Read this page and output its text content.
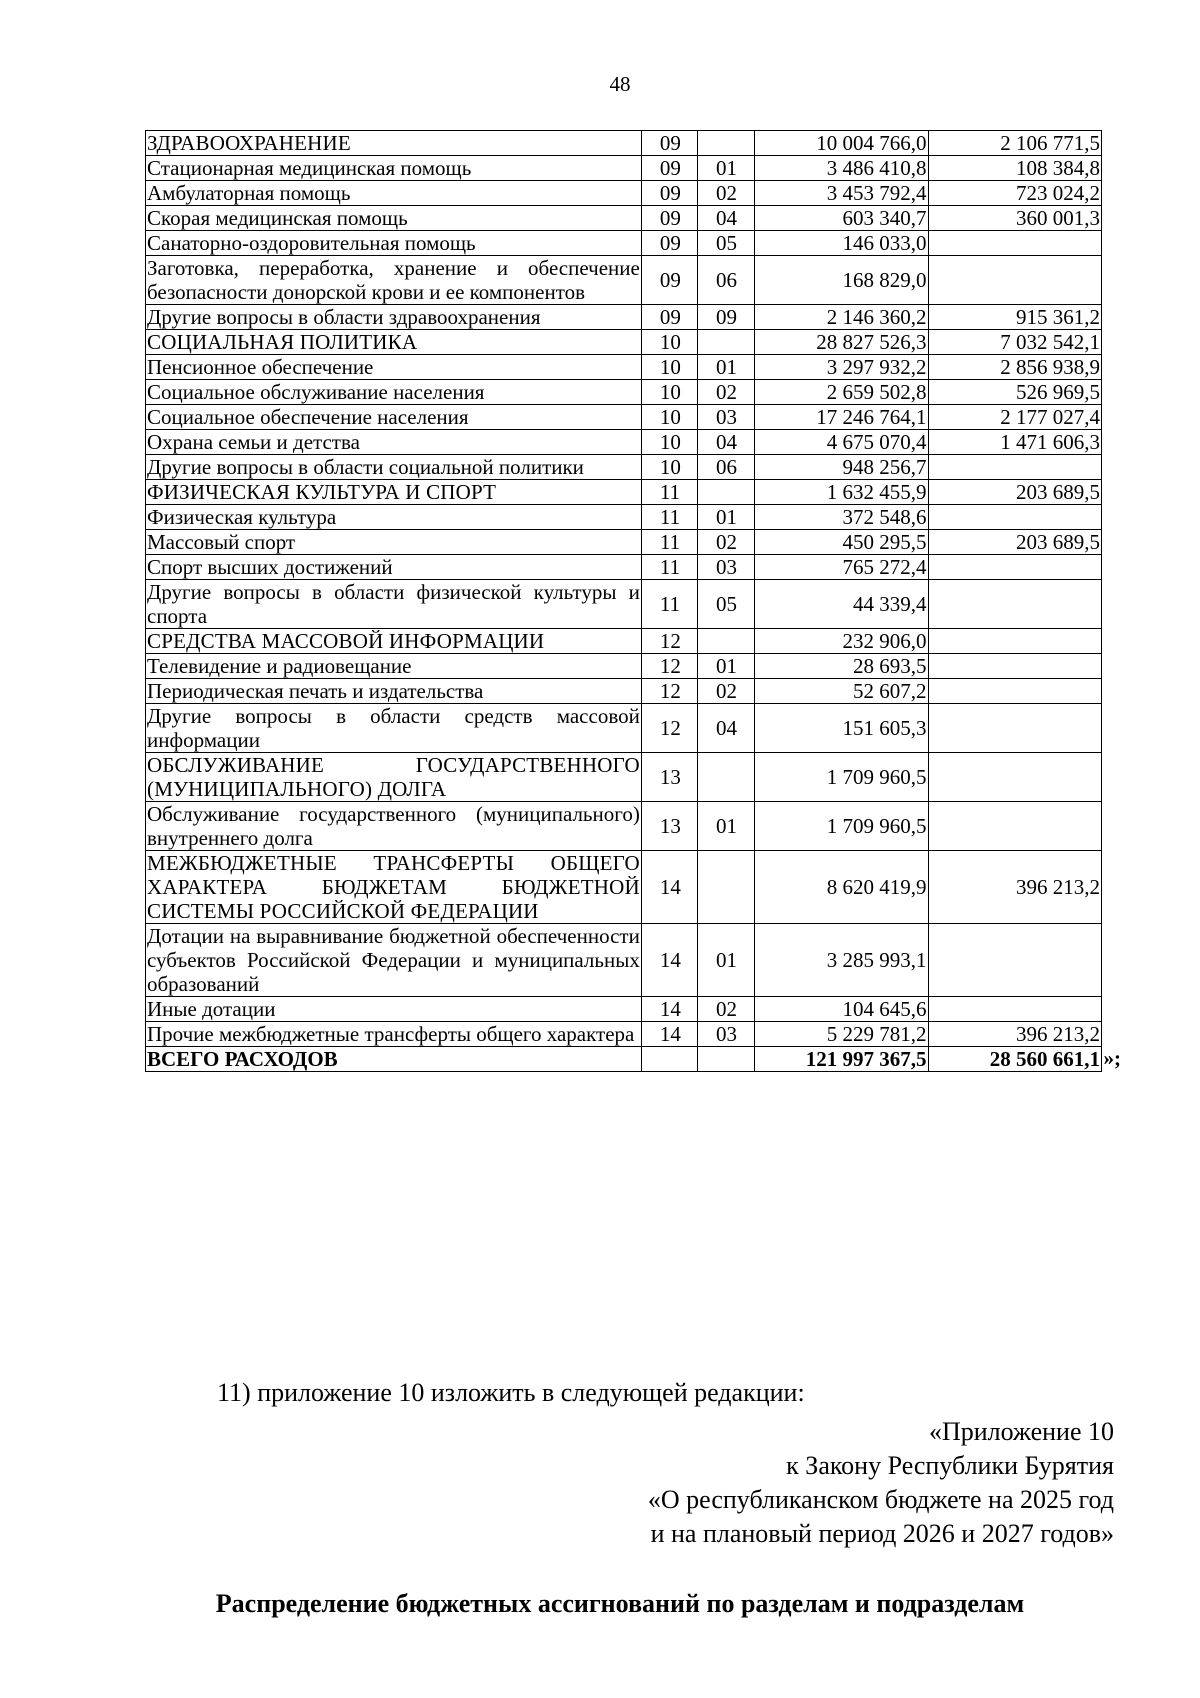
48
ЗДРАВООХРАНЕНИЕ	09		10 004 766,0	2 106 771,5
Стационарная медицинская помощь	09	01	3 486 410,8	108 384,8
Амбулаторная помощь	09	02	3 453 792,4	723 024,2
Скорая медицинская помощь	09	04	603 340,7	360 001,3
Санаторно-оздоровительная помощь	09	05	146 033,0	
Заготовка, переработка, хранение и обеспечение безопасности донорской крови и ее компонентов	09	06	168 829,0	
Другие вопросы в области здравоохранения	09	09	2 146 360,2	915 361,2
СОЦИАЛЬНАЯ ПОЛИТИКА	10		28 827 526,3	7 032 542,1
Пенсионное обеспечение	10	01	3 297 932,2	2 856 938,9
Социальное обслуживание населения	10	02	2 659 502,8	526 969,5
Социальное обеспечение населения	10	03	17 246 764,1	2 177 027,4
Охрана семьи и детства	10	04	4 675 070,4	1 471 606,3
Другие вопросы в области социальной политики	10	06	948 256,7	
ФИЗИЧЕСКАЯ КУЛЬТУРА И СПОРТ	11		1 632 455,9	203 689,5
Физическая культура	11	01	372 548,6	
Массовый спорт	11	02	450 295,5	203 689,5
Спорт высших достижений	11	03	765 272,4	
Другие вопросы в области физической культуры и спорта	11	05	44 339,4	
СРЕДСТВА МАССОВОЙ ИНФОРМАЦИИ	12		232 906,0	
Телевидение и радиовещание	12	01	28 693,5	
Периодическая печать и издательства	12	02	52 607,2	
Другие вопросы в области средств массовой информации	12	04	151 605,3	
ОБСЛУЖИВАНИЕ ГОСУДАРСТВЕННОГО (МУНИЦИПАЛЬНОГО) ДОЛГА	13		1 709 960,5	
Обслуживание государственного (муниципального) внутреннего долга	13	01	1 709 960,5	
МЕЖБЮДЖЕТНЫЕ ТРАНСФЕРТЫ ОБЩЕГО ХАРАКТЕРА БЮДЖЕТАМ БЮДЖЕТНОЙ СИСТЕМЫ РОССИЙСКОЙ ФЕДЕРАЦИИ	14		8 620 419,9	396 213,2
Дотации на выравнивание бюджетной обеспеченности субъектов Российской Федерации и муниципальных образований	14	01	3 285 993,1	
Иные дотации	14	02	104 645,6	
Прочие межбюджетные трансферты общего характера	14	03	5 229 781,2	396 213,2
ВСЕГО РАСХОДОВ			121 997 367,5	28 560 661,1 »;
11) приложение 10 изложить в следующей редакции:
«Приложение 10
к Закону Республики Бурятия
«О республиканском бюджете на 2025 год
и на плановый период 2026 и 2027 годов»
Распределение бюджетных ассигнований по разделам и подразделам
